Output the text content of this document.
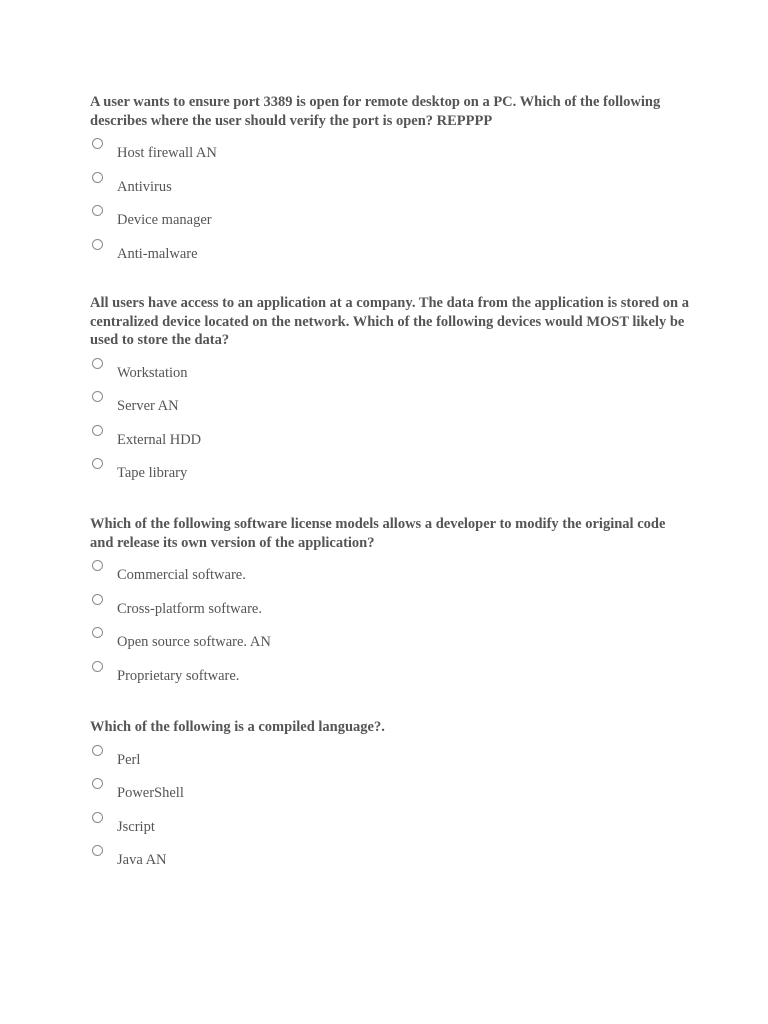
A user wants to ensure port 3389 is open for remote desktop on a PC. Which of the following describes where the user should verify the port is open? REPPPP

Host firewall AN
Antivirus
Device manager
Anti-malware

All users have access to an application at a company. The data from the application is stored on a centralized device located on the network. Which of the following devices would MOST likely be used to store the data?

Workstation
Server AN
External HDD
Tape library

Which of the following software license models allows a developer to modify the original code and release its own version of the application?

Commercial software.
Cross-platform software.
Open source software. AN
Proprietary software.

Which of the following is a compiled language?.

Perl
PowerShell
Jscript
Java AN
